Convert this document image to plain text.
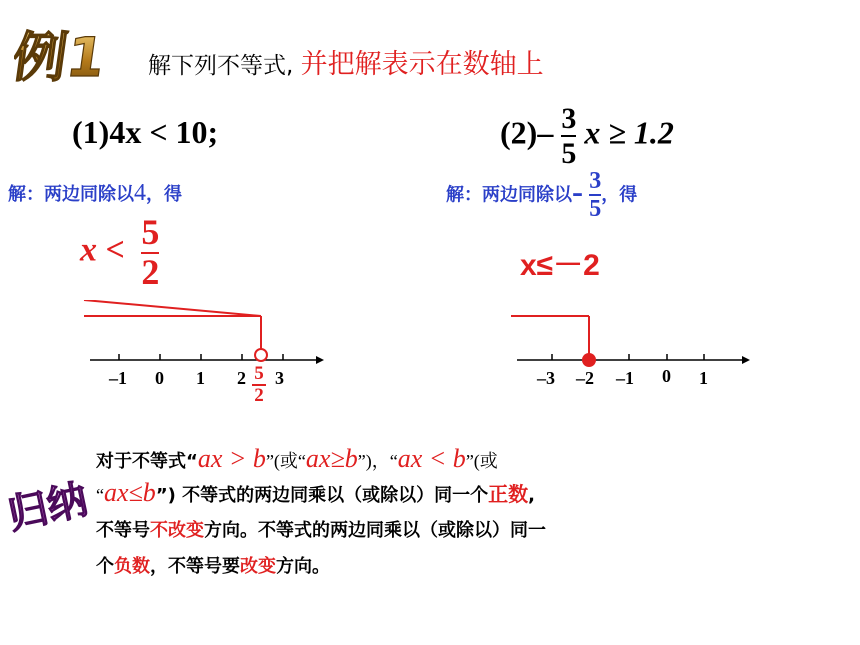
例1 解下列不等式, 并把解表示在数轴上
(1)4x < 10;
解：两边同除以4，得
$x < \frac{5}{2}$
–1 0 1 2 3
$\frac{5}{2}$
$(2)- \frac{3}{5}$ x ≥ 1.2
解：两边同除以– $\frac{3}{5}$ ，得
x≤－2
–3 –2 –1 0 1
归纳
对于不等式“ax > b”(或“ax≥b”)，“ax < b”(或
“ax≤b”) 不等式的两边同乘以（或除以）同一个正数,
不等号不改变方向。不等式的两边同乘以（或除以）同一
个负数，不等号要改变方向。
